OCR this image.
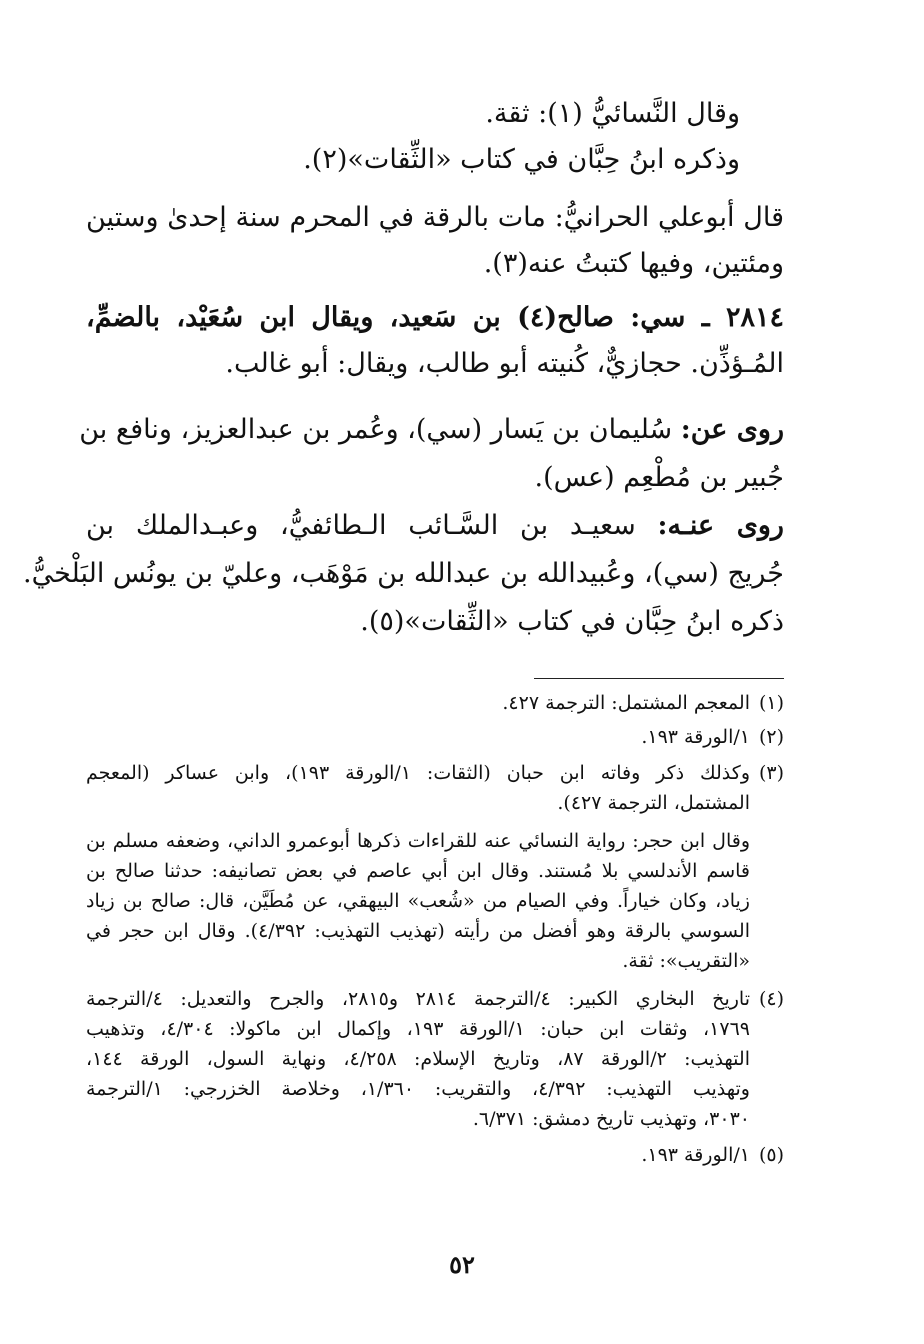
وقال النَّسائيُّ (١): ثقة.
وذكره ابنُ حِبَّان في كتاب «الثِّقات»(٢).
قال أبوعلي الحرانيُّ: مات بالرقة في المحرم سنة إحدىٰ وستين
ومئتين، وفيها كتبتُ عنه(٣).
٢٨١٤ ـ سي: صالح(٤) بن سَعيد، ويقال ابن سُعَيْد، بالضمِّ،
المُـؤذِّن. حجازيٌّ، كُنيته أبو طالب، ويقال: أبو غالب.
روى عن: سُليمان بن يَسار (سي)، وعُمر بن عبدالعزيز، ونافع بن
جُبير بن مُطْعِم (عس).
روى عنـه: سعيـد بن السَّـائب الـطائفيُّ، وعبـدالملك بن
جُريج (سي)، وعُبيدالله بن عبدالله بن مَوْهَب، وعليّ بن يونُس البَلْخيُّ.
ذكره ابنُ حِبَّان في كتاب «الثِّقات»(٥).
(١)المعجم المشتمل: الترجمة ٤٢٧.
(٢)١/الورقة ١٩٣.
(٣)وكذلك ذكر وفاته ابن حبان (الثقات: ١/الورقة ١٩٣)، وابن عساكر (المعجم
المشتمل، الترجمة ٤٢٧).
وقال ابن حجر: رواية النسائي عنه للقراءات ذكرها أبوعمرو الداني، وضعفه مسلم بن
قاسم الأندلسي بلا مُستند. وقال ابن أبي عاصم في بعض تصانيفه: حدثنا صالح بن
زياد، وكان خياراً. وفي الصيام من «شُعب» البيهقي، عن مُطَيَّن، قال: صالح بن زياد
السوسي بالرقة وهو أفضل من رأيته (تهذيب التهذيب: ٤/٣٩٢). وقال ابن حجر في
«التقريب»: ثقة.
(٤)تاريخ البخاري الكبير: ٤/الترجمة ٢٨١٤ و٢٨١٥، والجرح والتعديل: ٤/الترجمة
١٧٦٩، وثقات ابن حبان: ١/الورقة ١٩٣، وإكمال ابن ماكولا: ٤/٣٠٤، وتذهيب
التهذيب: ٢/الورقة ٨٧، وتاريخ الإسلام: ٤/٢٥٨، ونهاية السول، الورقة ١٤٤،
وتهذيب التهذيب: ٤/٣٩٢، والتقريب: ١/٣٦٠، وخلاصة الخزرجي: ١/الترجمة
٣٠٣٠، وتهذيب تاريخ دمشق: ٦/٣٧١.
(٥)١/الورقة ١٩٣.
٥٢
